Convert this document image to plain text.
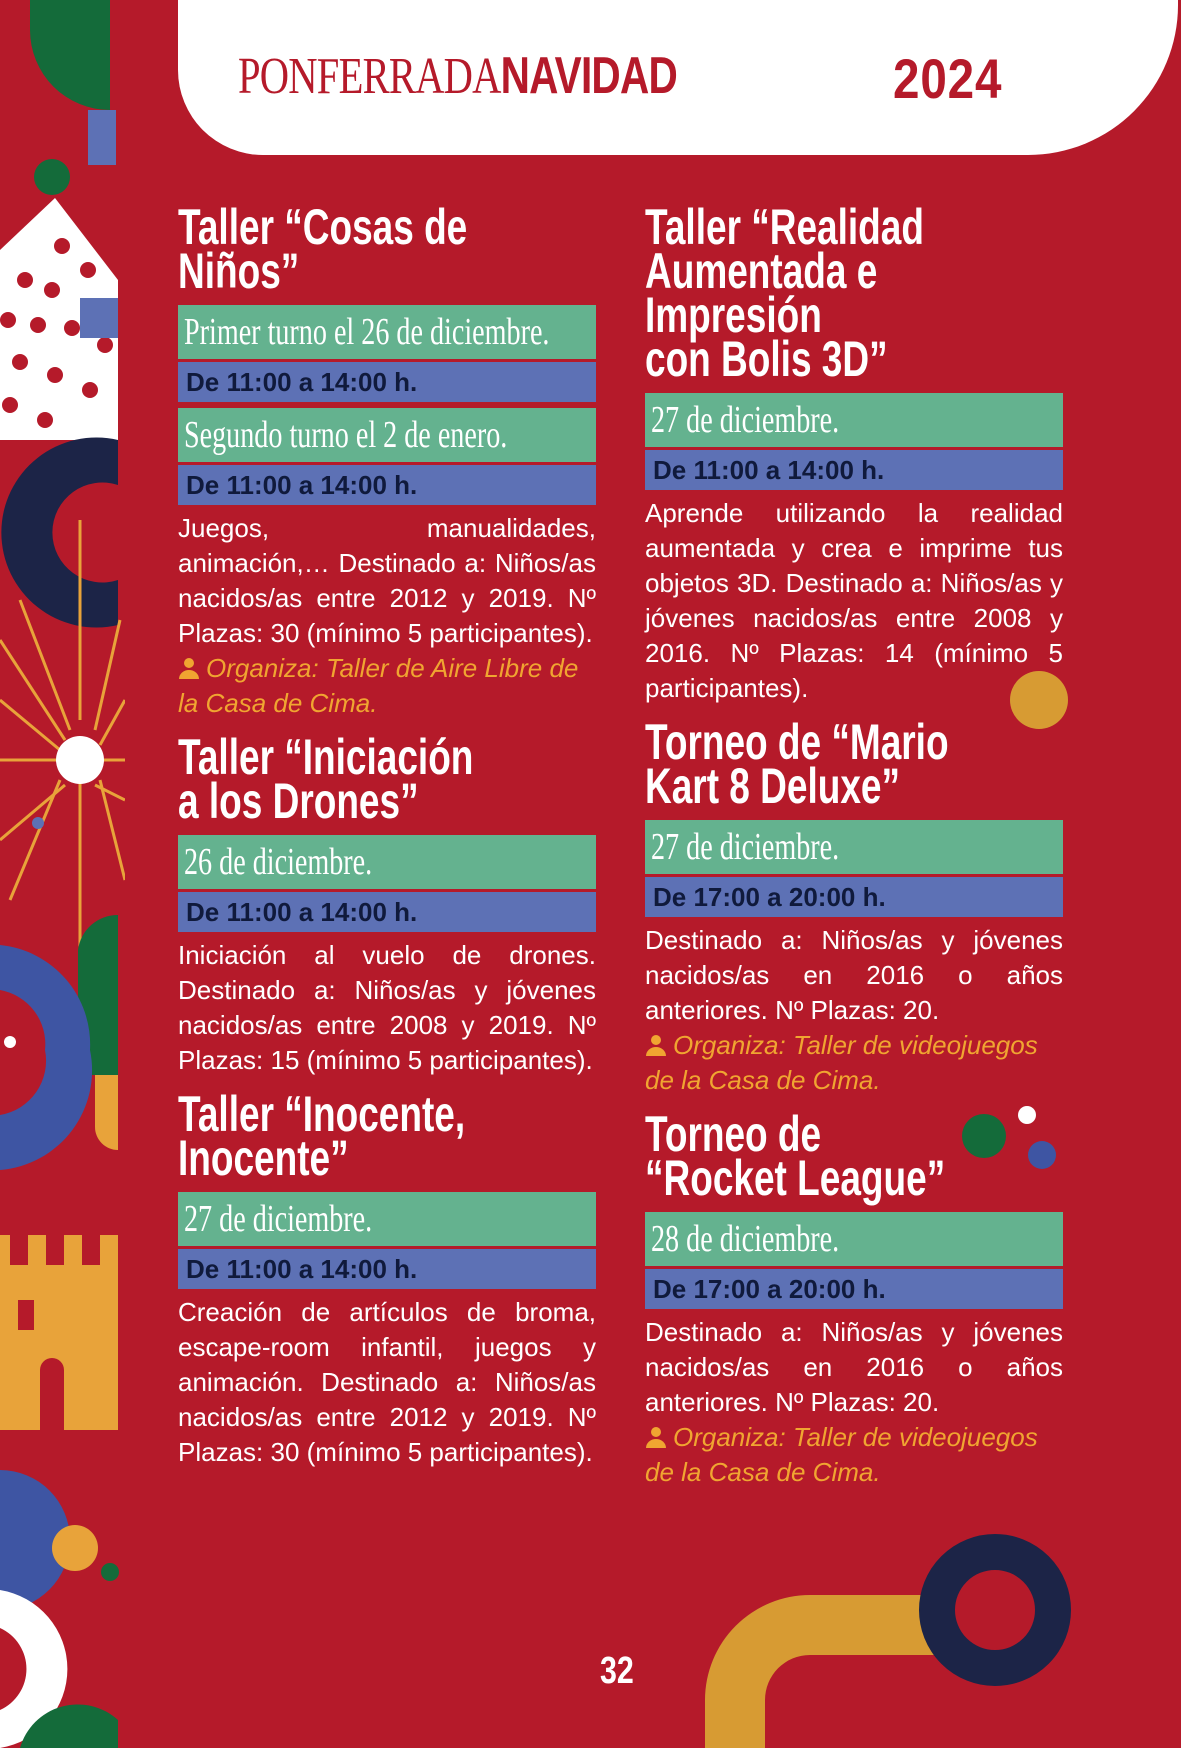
PONFERRADANAVIDAD	2024
Taller “Cosas de Niños”
Primer turno el 26 de diciembre.
De 11:00 a 14:00 h.
Segundo turno el 2 de enero.
De 11:00 a 14:00 h.
Juegos, manualidades, animación,… Destinado a: Niños/as nacidos/as entre 2012 y 2019. Nº Plazas: 30 (mínimo 5 participantes).
Organiza: Taller de Aire Libre de la Casa de Cima.
Taller “Iniciación
a los Drones”
26 de diciembre.
De 11:00 a 14:00 h.
Iniciación al vuelo de drones. Destinado a: Niños/as y jóvenes nacidos/as entre 2008 y 2019. Nº Plazas: 15 (mínimo 5 participantes).
Taller “Inocente,
Inocente”
27 de diciembre.
De 11:00 a 14:00 h.
Creación de artículos de broma, escape-room infantil, juegos y animación. Destinado a: Niños/as nacidos/as entre 2012 y 2019. Nº Plazas: 30 (mínimo 5 participantes).
Taller “Realidad
Aumentada e Impresión
con Bolis 3D”
27 de diciembre.
De 11:00 a 14:00 h.
Aprende utilizando la realidad aumentada y crea e imprime tus objetos 3D. Destinado a: Niños/as y jóvenes nacidos/as entre 2008 y 2016. Nº Plazas: 14 (mínimo 5 participantes).
Torneo de “Mario
Kart 8 Deluxe”
27 de diciembre.
De 17:00 a 20:00 h.
Destinado a: Niños/as y jóvenes nacidos/as en 2016 o años anteriores. Nº Plazas: 20.
Organiza: Taller de videojuegos de la Casa de Cima.
Torneo de
“Rocket League”
28 de diciembre.
De 17:00 a 20:00 h.
Destinado a: Niños/as y jóvenes nacidos/as en 2016 o años anteriores. Nº Plazas: 20.
Organiza: Taller de videojuegos de la Casa de Cima.
32
